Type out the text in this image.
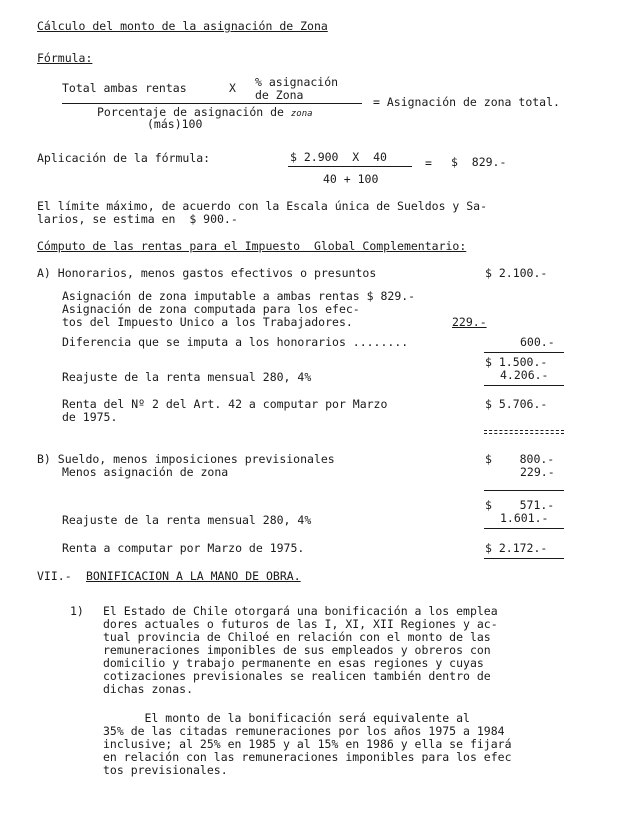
Cálculo del monto de la asignación de Zona
Fórmula:
Total ambas rentas	X % asignación
de Zona
Porcentaje de asignación de zona
(más)100
= Asignación de zona total.
Aplicación de la fórmula:	$ 2.900  X  40
40 + 100
= $  829.-
El límite máximo, de acuerdo con la Escala única de Sueldos y Sa-
larios, se estima en  $ 900.-
Cómputo de las rentas para el Impuesto  Global Complementario:
A) Honorarios, menos gastos efectivos o presuntos	$ 2.100.-
Asignación de zona imputable a ambas rentas $ 829.-
Asignación de zona computada para los efec-
tos del Impuesto Unico a los Trabajadores.	229.-
Diferencia que se imputa a los honorarios ........	600.-
$ 1.500.-
Reajuste de la renta mensual 280, 4%	4.206.-
Renta del Nº 2 del Art. 42 a computar por Marzo
de 1975.
$ 5.706.-
B) Sueldo, menos imposiciones previsionales	$    800.-
Menos asignación de zona	229.-
$    571.-
Reajuste de la renta mensual 280, 4%	1.601.-
Renta a computar por Marzo de 1975.	$ 2.172.-
VII.- BONIFICACION A LA MANO DE OBRA.
1) El Estado de Chile otorgará una bonificación a los emplea
dores actuales o futuros de las I, XI, XII Regiones y ac-
tual provincia de Chiloé en relación con el monto de las
remuneraciones imponibles de sus empleados y obreros con
domicilio y trabajo permanente en esas regiones y cuyas
cotizaciones previsionales se realicen también dentro de
dichas zonas.
El monto de la bonificación será equivalente al
35% de las citadas remuneraciones por los años 1975 a 1984
inclusive; al 25% en 1985 y al 15% en 1986 y ella se fijará
en relación con las remuneraciones imponibles para los efec
tos previsionales.
